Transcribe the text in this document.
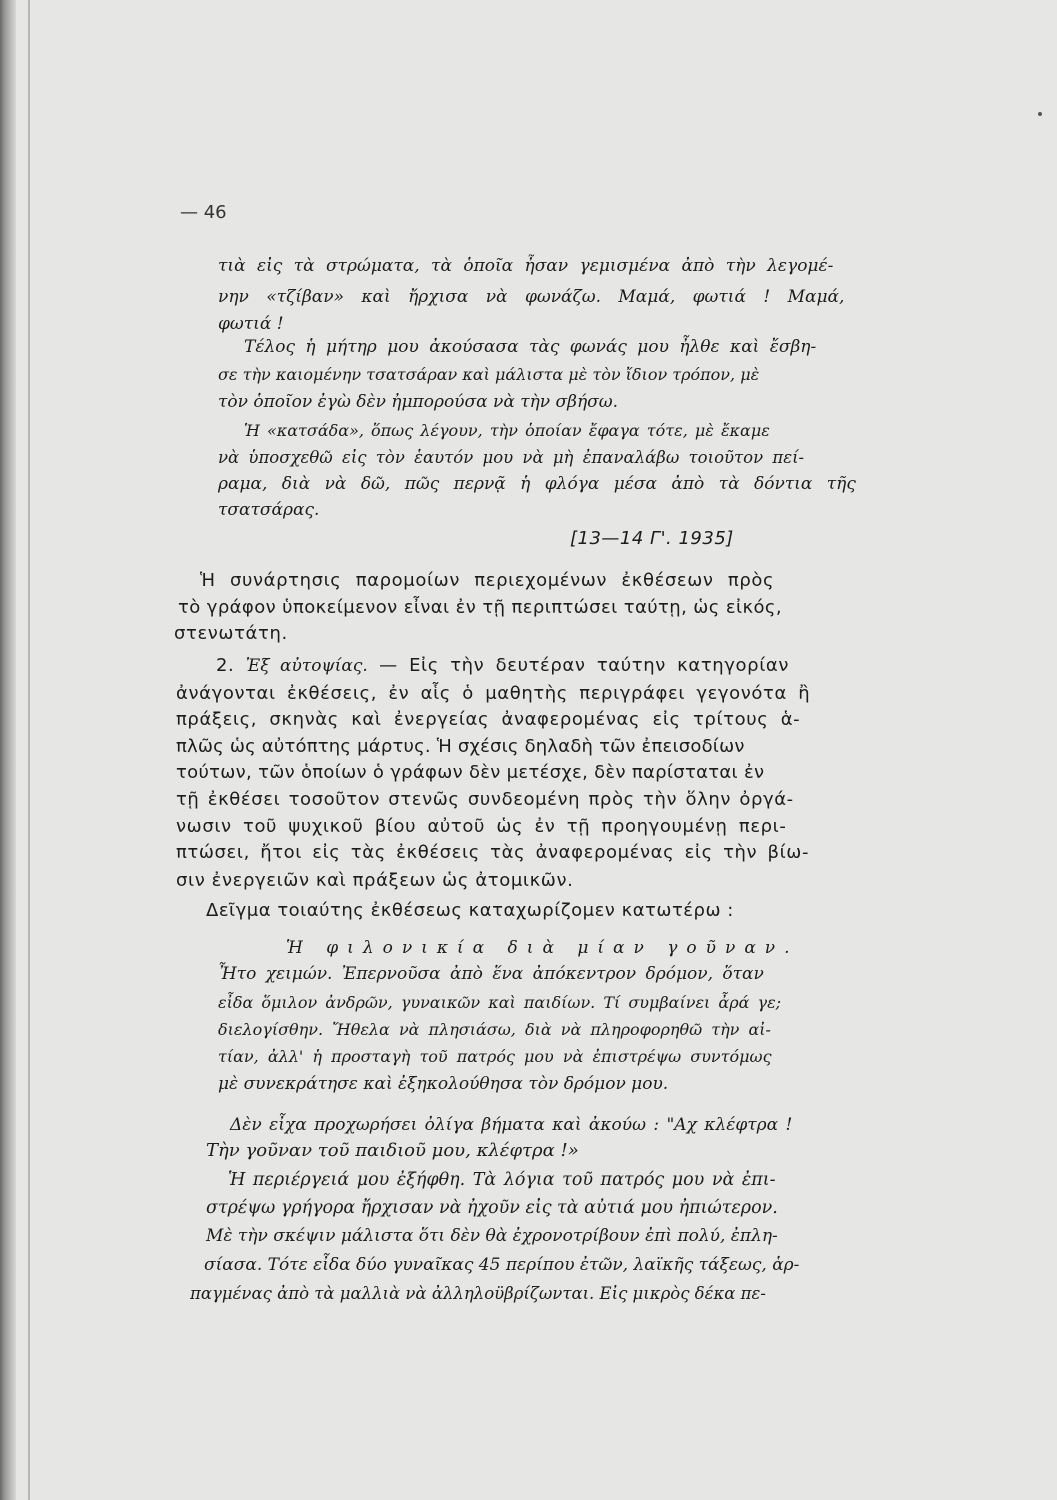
— 46
τιὰ εἰς τὰ στρώματα, τὰ ὁποῖα ἦσαν γεμισμένα ἀπὸ τὴν λεγομέ-
νην «τζίβαν» καὶ ἤρχισα νὰ φωνάζω. Μαμά, φωτιά ! Μαμά,
φωτιά !
Τέλος ἡ μήτηρ μου ἀκούσασα τὰς φωνάς μου ἦλθε καὶ ἔσβη-
σε τὴν καιομένην τσατσάραν καὶ μάλιστα μὲ τὸν ἴδιον τρόπον, μὲ
τὸν ὁποῖον ἐγὼ δὲν ἠμπορούσα νὰ τὴν σβήσω.
Ἡ «κατσάδα», ὅπως λέγουν, τὴν ὁποίαν ἔφαγα τότε, μὲ ἔκαμε
νὰ ὑποσχεθῶ εἰς τὸν ἑαυτόν μου νὰ μὴ ἐπαναλάβω τοιοῦτον πεί-
ραμα, διὰ νὰ δῶ, πῶς περνᾷ ἡ φλόγα μέσα ἀπὸ τὰ δόντια τῆς
τσατσάρας.
[13—14 Γ'. 1935]
Ἡ συνάρτησις παρομοίων περιεχομένων ἐκθέσεων πρὸς
τὸ γράφον ὑποκείμενον εἶναι ἐν τῇ περιπτώσει ταύτῃ, ὡς εἰκός,
στενωτάτη.
2. Ἐξ αὐτοψίας. — Εἰς τὴν δευτέραν ταύτην κατηγορίαν
ἀνάγονται ἐκθέσεις, ἐν αἷς ὁ μαθητὴς περιγράφει γεγονότα ἢ
πράξεις, σκηνὰς καὶ ἐνεργείας ἀναφερομένας εἰς τρίτους ἁ-
πλῶς ὡς αὐτόπτης μάρτυς. Ἡ σχέσις δηλαδὴ τῶν ἐπεισοδίων
τούτων, τῶν ὁποίων ὁ γράφων δὲν μετέσχε, δὲν παρίσταται ἐν
τῇ ἐκθέσει τοσοῦτον στενῶς συνδεομένη πρὸς τὴν ὅλην ὀργά-
νωσιν τοῦ ψυχικοῦ βίου αὐτοῦ ὡς ἐν τῇ προηγουμένῃ περι-
πτώσει, ἤτοι εἰς τὰς ἐκθέσεις τὰς ἀναφερομένας εἰς τὴν βίω-
σιν ἐνεργειῶν καὶ πράξεων ὡς ἀτομικῶν.
Δεῖγμα τοιαύτης ἐκθέσεως καταχωρίζομεν κατωτέρω :
Ἡ φιλονικία διὰ μίαν γοῦναν.
Ἦτο χειμών. Ἐπερνοῦσα ἀπὸ ἕνα ἀπόκεντρον δρόμον, ὅταν
εἶδα ὅμιλον ἀνδρῶν, γυναικῶν καὶ παιδίων. Τί συμβαίνει ἆρά γε;
διελογίσθην. Ἤθελα νὰ πλησιάσω, διὰ νὰ πληροφορηθῶ τὴν αἰ-
τίαν, ἀλλ' ἡ προσταγὴ τοῦ πατρός μου νὰ ἐπιστρέψω συντόμως
μὲ συνεκράτησε καὶ ἐξηκολούθησα τὸν δρόμον μου.
Δὲν εἶχα προχωρήσει ὀλίγα βήματα καὶ ἀκούω : "Αχ κλέφτρα !
Τὴν γοῦναν τοῦ παιδιοῦ μου, κλέφτρα !»
Ἡ περιέργειά μου ἐξήφθη. Τὰ λόγια τοῦ πατρός μου νὰ ἐπι-
στρέψω γρήγορα ἤρχισαν νὰ ἠχοῦν εἰς τὰ αὐτιά μου ἠπιώτερον.
Μὲ τὴν σκέψιν μάλιστα ὅτι δὲν θὰ ἐχρονοτρίβουν ἐπὶ πολύ, ἐπλη-
σίασα. Τότε εἶδα δύο γυναῖκας 45 περίπου ἐτῶν, λαϊκῆς τάξεως, ἁρ-
παγμένας ἀπὸ τὰ μαλλιὰ νὰ ἀλληλοϋβρίζωνται. Εἰς μικρὸς δέκα πε-
